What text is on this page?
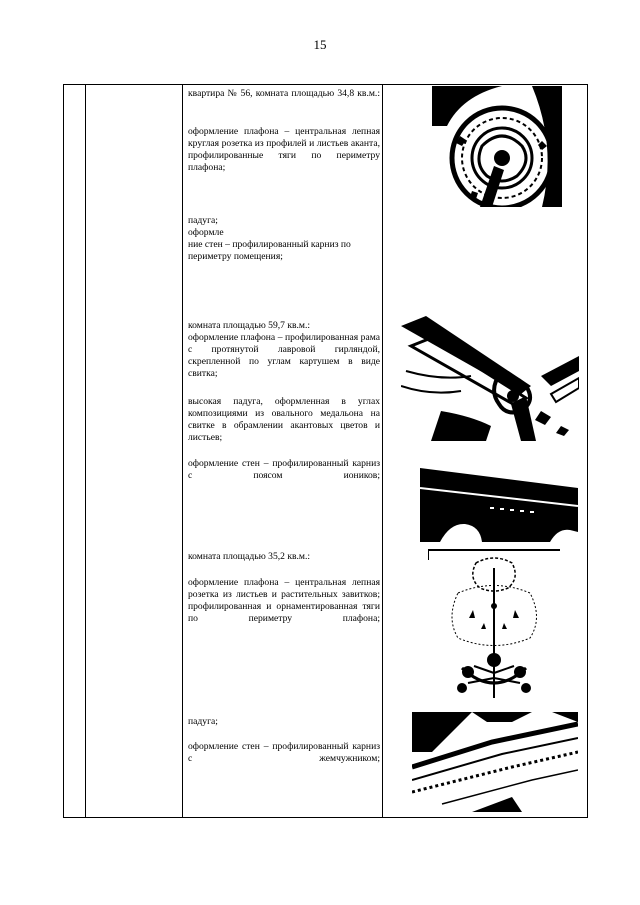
15
квартира № 56, комната площадью 34,8 кв.м.:
оформление плафона – центральная лепная круглая розетка из профилей и листьев аканта, профилированные тяги по периметру плафона;
падуга;
оформле
ние стен – профилированный карниз по периметру помещения;
комната площадью 59,7 кв.м.:
оформление плафона – профилированная рама с протянутой лавровой гирляндой, скрепленной по углам картушем в виде свитка;
высокая падуга, оформленная в углах композициями из овального медальона на свитке в обрамлении акантовых цветов и листьев;
оформление стен – профилированный карниз с поясом иоников;
комната площадью 35,2 кв.м.:
оформление плафона – центральная лепная розетка из листьев и растительных завитков; профилированная и орнаментированная тяги по периметру плафона;
падуга;
оформление стен – профилированный карниз с жемчужником;
